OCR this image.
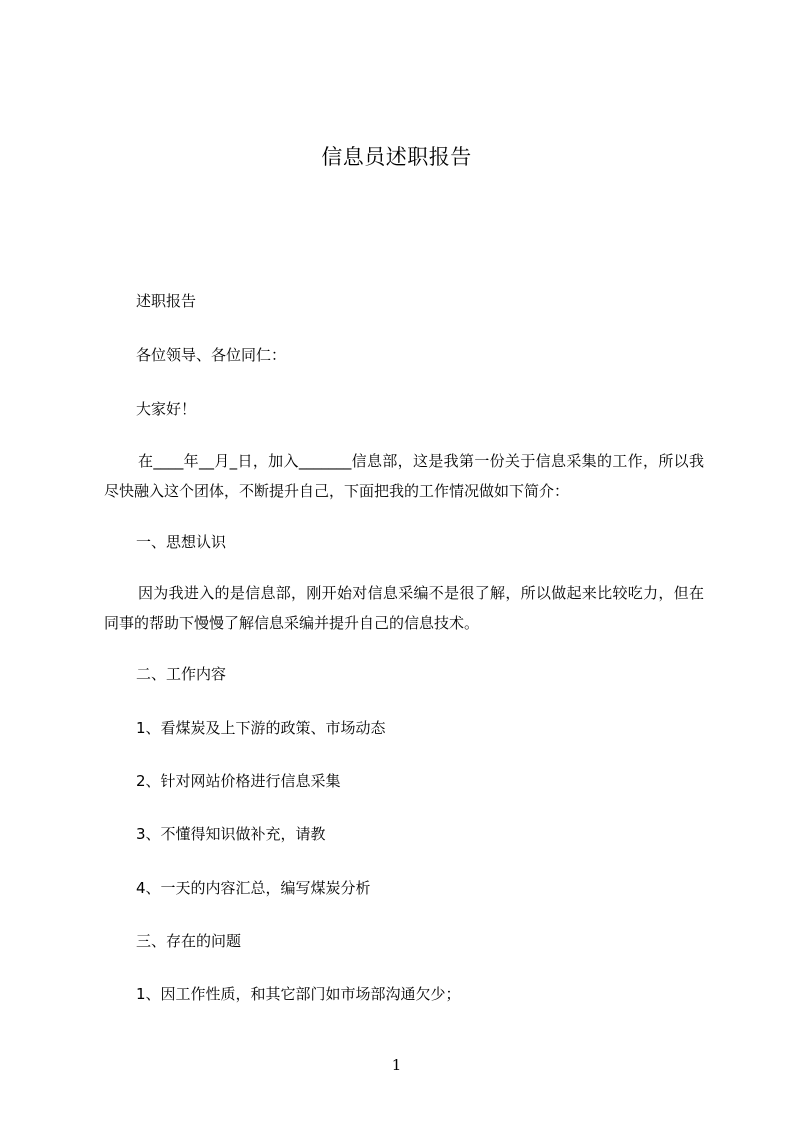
信息员述职报告
述职报告
各位领导、各位同仁：
大家好！
在____年__月_日，加入_______信息部，这是我第一份关于信息采集的工作，所以我尽快融入这个团体，不断提升自己，下面把我的工作情况做如下简介：
一、思想认识
因为我进入的是信息部，刚开始对信息采编不是很了解，所以做起来比较吃力，但在同事的帮助下慢慢了解信息采编并提升自己的信息技术。
二、工作内容
1、看煤炭及上下游的政策、市场动态
2、针对网站价格进行信息采集
3、不懂得知识做补充，请教
4、一天的内容汇总，编写煤炭分析
三、存在的问题
1、因工作性质，和其它部门如市场部沟通欠少；
1
